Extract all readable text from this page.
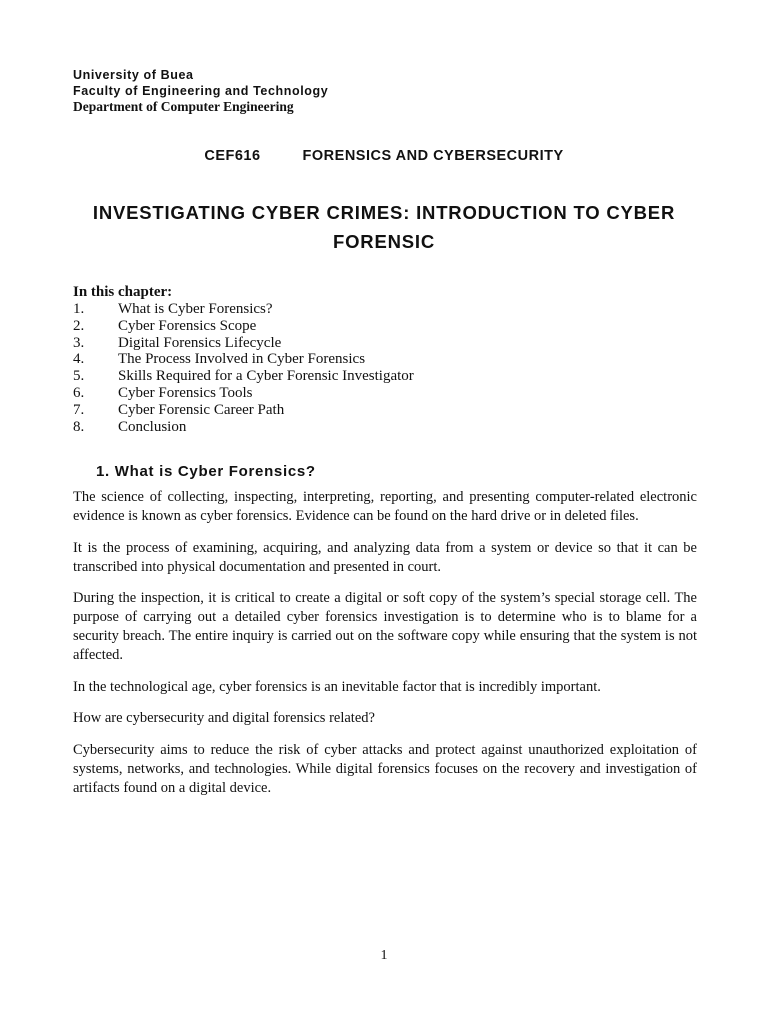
University of Buea
Faculty of Engineering and Technology
Department of Computer Engineering
CEF616	FORENSICS AND CYBERSECURITY
INVESTIGATING CYBER CRIMES: INTRODUCTION TO CYBER FORENSIC
In this chapter:
1.	What is Cyber Forensics?
2.	Cyber Forensics Scope
3.	Digital Forensics Lifecycle
4.	The Process Involved in Cyber Forensics
5.	Skills Required for a Cyber Forensic Investigator
6.	Cyber Forensics Tools
7.	Cyber Forensic Career Path
8.	Conclusion
1. What is Cyber Forensics?

The science of collecting, inspecting, interpreting, reporting, and presenting computer-related electronic evidence is known as cyber forensics. Evidence can be found on the hard drive or in deleted files.

It is the process of examining, acquiring, and analyzing data from a system or device so that it can be transcribed into physical documentation and presented in court.

During the inspection, it is critical to create a digital or soft copy of the system’s special storage cell. The purpose of carrying out a detailed cyber forensics investigation is to determine who is to blame for a security breach. The entire inquiry is carried out on the software copy while ensuring that the system is not affected.

In the technological age, cyber forensics is an inevitable factor that is incredibly important.

How are cybersecurity and digital forensics related?

Cybersecurity aims to reduce the risk of cyber attacks and protect against unauthorized exploitation of systems, networks, and technologies. While digital forensics focuses on the recovery and investigation of artifacts found on a digital device.

1
